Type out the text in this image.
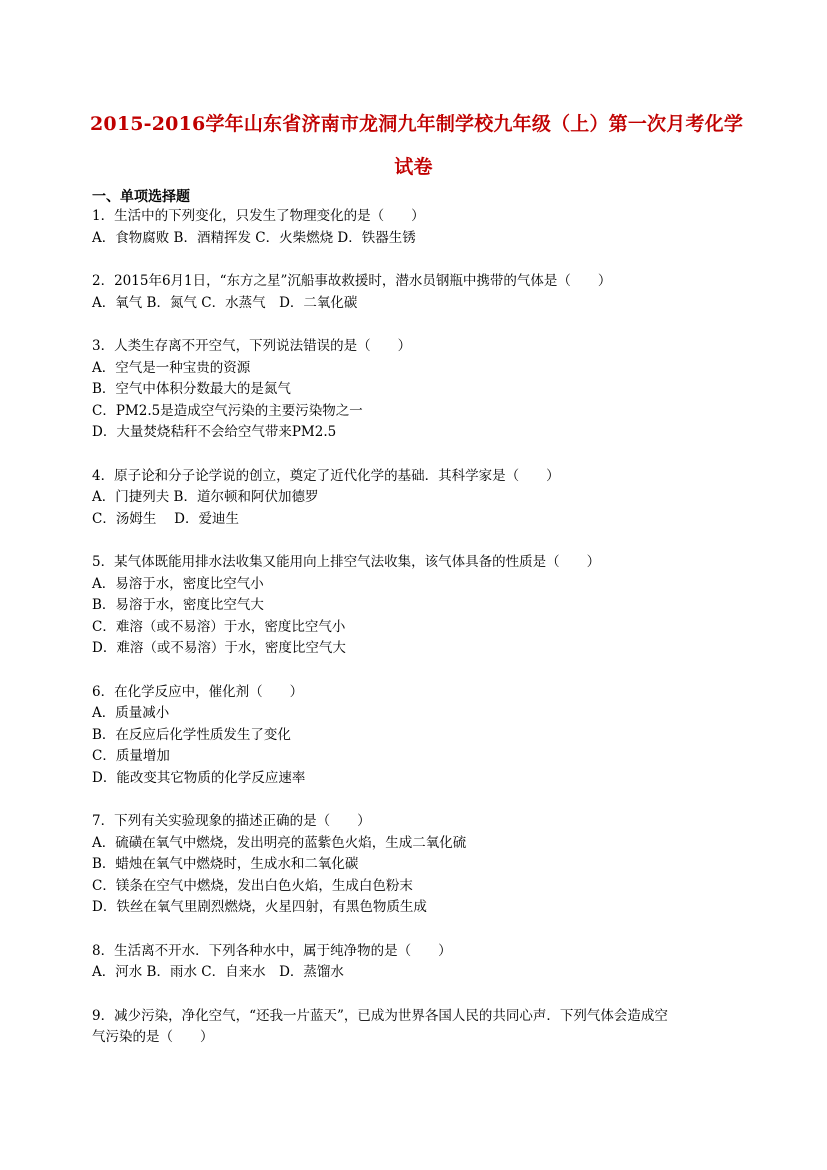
2015-2016学年山东省济南市龙洞九年制学校九年级（上）第一次月考化学
试卷
一、单项选择题
1．生活中的下列变化，只发生了物理变化的是（　　）
A．食物腐败 B．酒精挥发 C．火柴燃烧 D．铁器生锈
2．2015年6月1日，“东方之星”沉船事故救援时，潜水员钢瓶中携带的气体是（　　）
A．氧气 B．氮气 C．水蒸气　D．二氧化碳
3．人类生存离不开空气，下列说法错误的是（　　）
A．空气是一种宝贵的资源
B．空气中体积分数最大的是氮气
C．PM2.5是造成空气污染的主要污染物之一
D．大量焚烧秸秆不会给空气带来PM2.5
4．原子论和分子论学说的创立，奠定了近代化学的基础．其科学家是（　　）
A．门捷列夫 B．道尔顿和阿伏加德罗
C．汤姆生　 D．爱迪生
5．某气体既能用排水法收集又能用向上排空气法收集，该气体具备的性质是（　　）
A．易溶于水，密度比空气小
B．易溶于水，密度比空气大
C．难溶（或不易溶）于水，密度比空气小
D．难溶（或不易溶）于水，密度比空气大
6．在化学反应中，催化剂（　　）
A．质量减小
B．在反应后化学性质发生了变化
C．质量增加
D．能改变其它物质的化学反应速率
7．下列有关实验现象的描述正确的是（　　）
A．硫磺在氧气中燃烧，发出明亮的蓝紫色火焰，生成二氧化硫
B．蜡烛在氧气中燃烧时，生成水和二氧化碳
C．镁条在空气中燃烧，发出白色火焰，生成白色粉末
D．铁丝在氧气里剧烈燃烧，火星四射，有黑色物质生成
8．生活离不开水．下列各种水中，属于纯净物的是（　　）
A．河水 B．雨水 C．自来水　D．蒸馏水
9．减少污染，净化空气，“还我一片蓝天”，已成为世界各国人民的共同心声．下列气体会造成空
气污染的是（　　）
